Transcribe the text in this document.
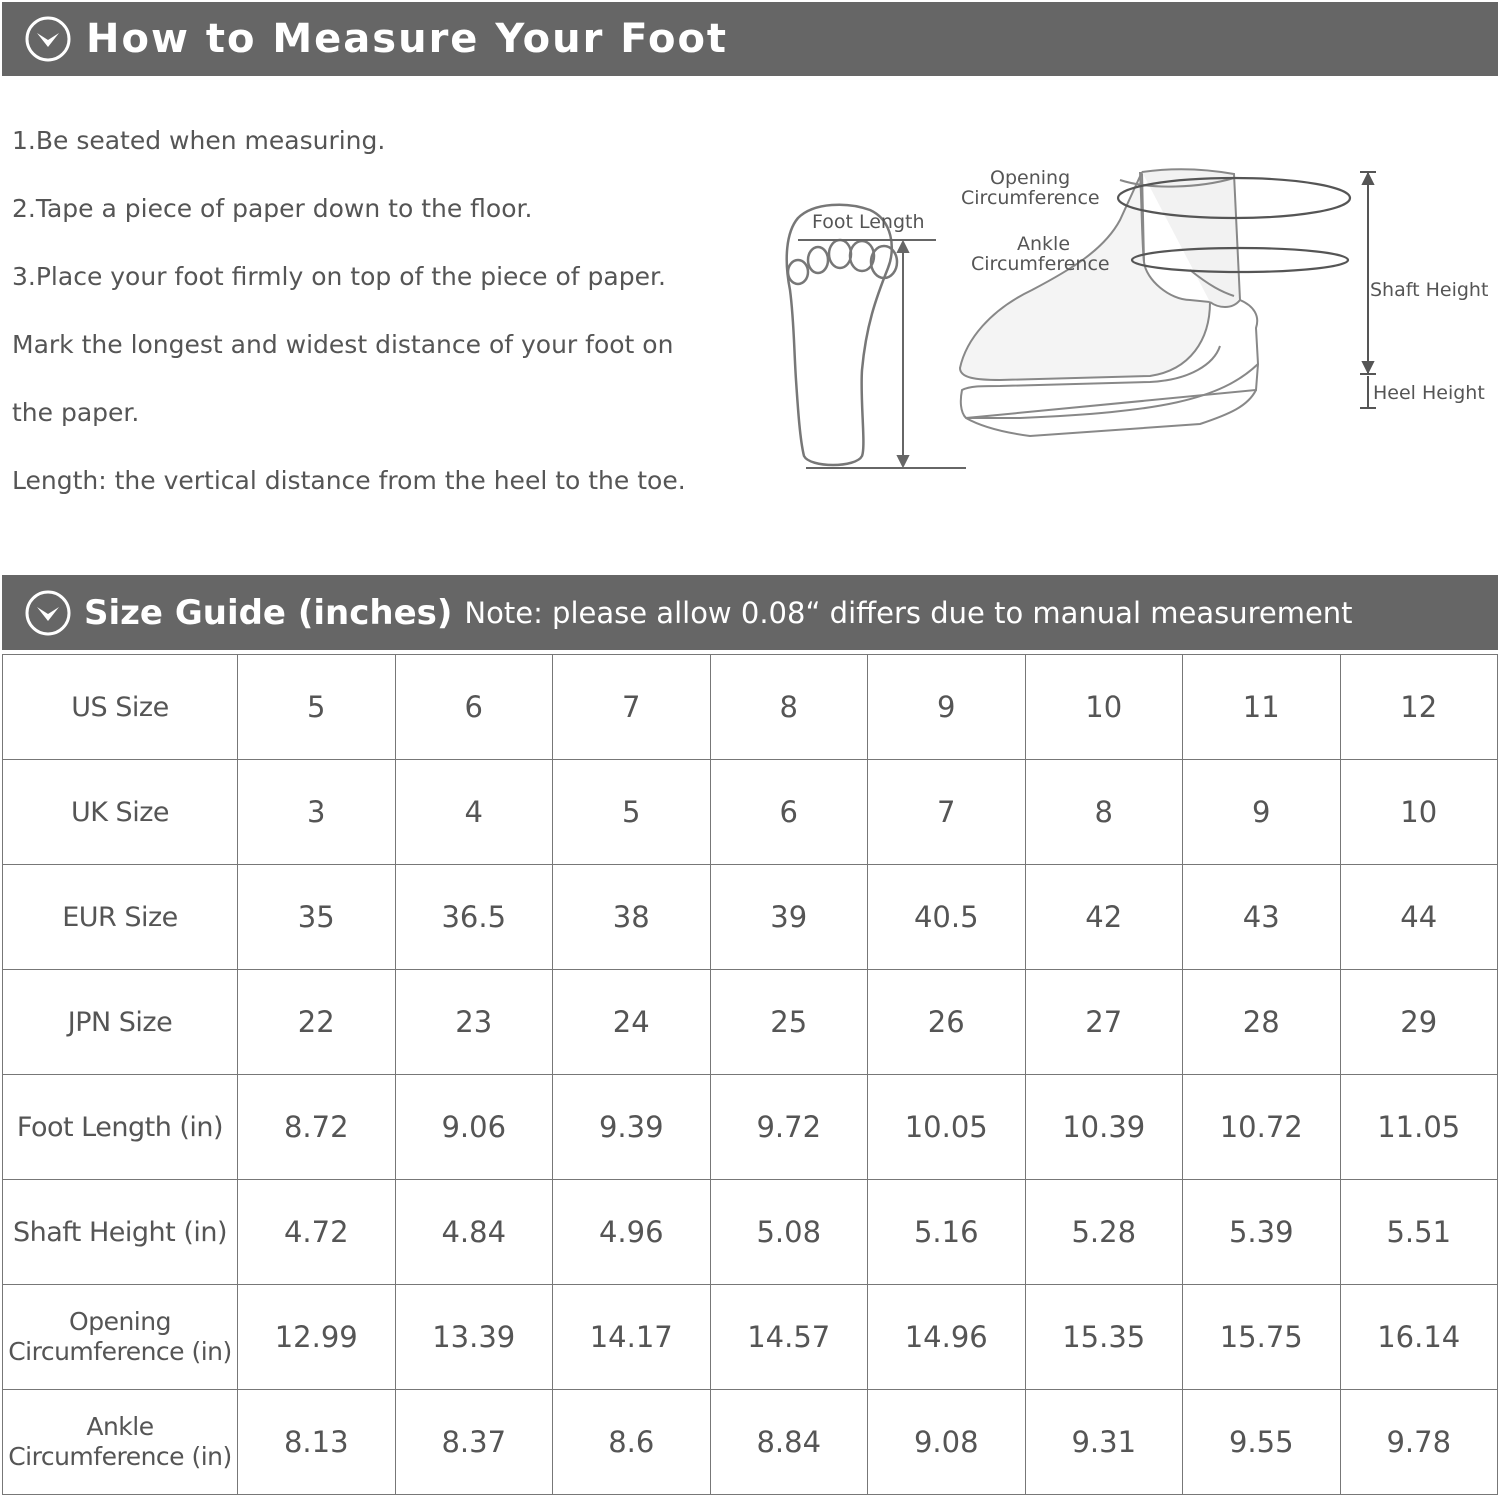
How to Measure Your Foot
1.Be seated when measuring.
2.Tape a piece of paper down to the floor.
3.Place your foot firmly on top of the piece of paper.
Mark the longest and widest distance of your foot on
the paper.
Length: the vertical distance from the heel to the toe.
Foot Length
Opening
Circumference
Ankle
Circumference
Shaft Height
Heel Height
Size Guide (inches) Note: please allow 0.08“ differs due to manual measurement
US Size	5	6	7	8	9	10	11	12
UK Size	3	4	5	6	7	8	9	10
EUR Size	35	36.5	38	39	40.5	42	43	44
JPN Size	22	23	24	25	26	27	28	29
Foot Length (in)	8.72	9.06	9.39	9.72	10.05	10.39	10.72	11.05
Shaft Height (in)	4.72	4.84	4.96	5.08	5.16	5.28	5.39	5.51

Opening
Circumference (in)	12.99	13.39	14.17	14.57	14.96	15.35	15.75	16.14

Ankle
Circumference (in)	8.13	8.37	8.6	8.84	9.08	9.31	9.55	9.78
